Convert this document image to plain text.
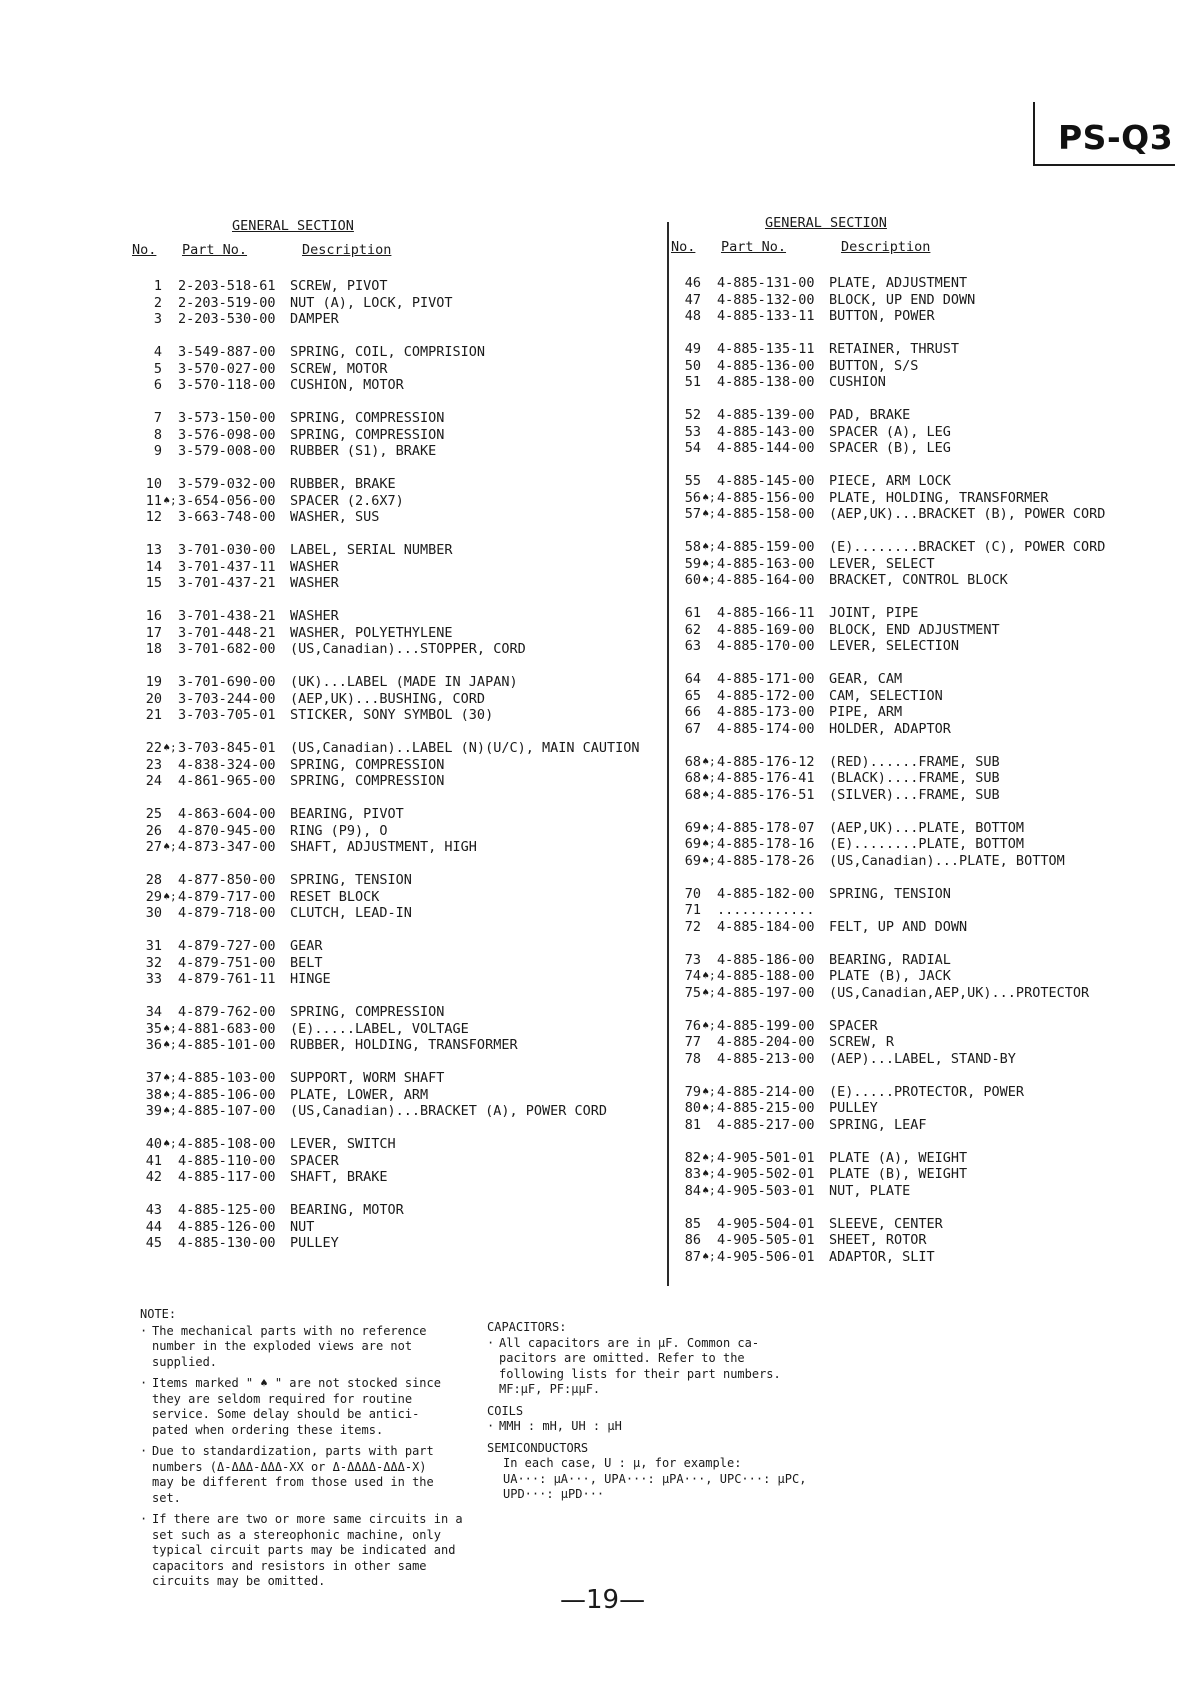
PS-Q3
GENERAL SECTION
No.	Part No.	Description
1 2-203-518-61	SCREW, PIVOT
2 2-203-519-00	NUT (A), LOCK, PIVOT
3 2-203-530-00	DAMPER
4 3-549-887-00	SPRING, COIL, COMPRISION
5 3-570-027-00	SCREW, MOTOR
6 3-570-118-00	CUSHION, MOTOR
7 3-573-150-00	SPRING, COMPRESSION
8 3-576-098-00	SPRING, COMPRESSION
9 3-579-008-00	RUBBER (S1), BRAKE
10 3-579-032-00	RUBBER, BRAKE
11 ♠; 3-654-056-00	SPACER (2.6X7)
12 3-663-748-00	WASHER, SUS
13 3-701-030-00	LABEL, SERIAL NUMBER
14 3-701-437-11	WASHER
15 3-701-437-21	WASHER
16 3-701-438-21	WASHER
17 3-701-448-21	WASHER, POLYETHYLENE
18 3-701-682-00	(US,Canadian)...STOPPER, CORD
19 3-701-690-00	(UK)...LABEL (MADE IN JAPAN)
20 3-703-244-00	(AEP,UK)...BUSHING, CORD
21 3-703-705-01	STICKER, SONY SYMBOL (30)
22 ♠; 3-703-845-01	(US,Canadian)..LABEL (N)(U/C), MAIN CAUTION
23 4-838-324-00	SPRING, COMPRESSION
24 4-861-965-00	SPRING, COMPRESSION
25 4-863-604-00	BEARING, PIVOT
26 4-870-945-00	RING (P9), O
27 ♠; 4-873-347-00	SHAFT, ADJUSTMENT, HIGH
28 4-877-850-00	SPRING, TENSION
29 ♠; 4-879-717-00	RESET BLOCK
30 4-879-718-00	CLUTCH, LEAD-IN
31 4-879-727-00	GEAR
32 4-879-751-00	BELT
33 4-879-761-11	HINGE
34 4-879-762-00	SPRING, COMPRESSION
35 ♠; 4-881-683-00	(E).....LABEL, VOLTAGE
36 ♠; 4-885-101-00	RUBBER, HOLDING, TRANSFORMER
37 ♠; 4-885-103-00	SUPPORT, WORM SHAFT
38 ♠; 4-885-106-00	PLATE, LOWER, ARM
39 ♠; 4-885-107-00	(US,Canadian)...BRACKET (A), POWER CORD
40 ♠; 4-885-108-00	LEVER, SWITCH
41 4-885-110-00	SPACER
42 4-885-117-00	SHAFT, BRAKE
43 4-885-125-00	BEARING, MOTOR
44 4-885-126-00	NUT
45 4-885-130-00	PULLEY
GENERAL SECTION
No.	Part No.	Description
46 4-885-131-00	PLATE, ADJUSTMENT
47 4-885-132-00	BLOCK, UP END DOWN
48 4-885-133-11	BUTTON, POWER
49 4-885-135-11	RETAINER, THRUST
50 4-885-136-00	BUTTON, S/S
51 4-885-138-00	CUSHION
52 4-885-139-00	PAD, BRAKE
53 4-885-143-00	SPACER (A), LEG
54 4-885-144-00	SPACER (B), LEG
55 4-885-145-00	PIECE, ARM LOCK
56 ♠; 4-885-156-00	PLATE, HOLDING, TRANSFORMER
57 ♠; 4-885-158-00	(AEP,UK)...BRACKET (B), POWER CORD
58 ♠; 4-885-159-00	(E)........BRACKET (C), POWER CORD
59 ♠; 4-885-163-00	LEVER, SELECT
60 ♠; 4-885-164-00	BRACKET, CONTROL BLOCK
61 4-885-166-11	JOINT, PIPE
62 4-885-169-00	BLOCK, END ADJUSTMENT
63 4-885-170-00	LEVER, SELECTION
64 4-885-171-00	GEAR, CAM
65 4-885-172-00	CAM, SELECTION
66 4-885-173-00	PIPE, ARM
67 4-885-174-00	HOLDER, ADAPTOR
68 ♠; 4-885-176-12	(RED)......FRAME, SUB
68 ♠; 4-885-176-41	(BLACK)....FRAME, SUB
68 ♠; 4-885-176-51	(SILVER)...FRAME, SUB
69 ♠; 4-885-178-07	(AEP,UK)...PLATE, BOTTOM
69 ♠; 4-885-178-16	(E)........PLATE, BOTTOM
69 ♠; 4-885-178-26	(US,Canadian)...PLATE, BOTTOM
70 4-885-182-00	SPRING, TENSION
71 ............
72 4-885-184-00	FELT, UP AND DOWN
73 4-885-186-00	BEARING, RADIAL
74 ♠; 4-885-188-00	PLATE (B), JACK
75 ♠; 4-885-197-00	(US,Canadian,AEP,UK)...PROTECTOR
76 ♠; 4-885-199-00	SPACER
77 4-885-204-00	SCREW, R
78 4-885-213-00	(AEP)...LABEL, STAND-BY
79 ♠; 4-885-214-00	(E).....PROTECTOR, POWER
80 ♠; 4-885-215-00	PULLEY
81 4-885-217-00	SPRING, LEAF
82 ♠; 4-905-501-01	PLATE (A), WEIGHT
83 ♠; 4-905-502-01	PLATE (B), WEIGHT
84 ♠; 4-905-503-01	NUT, PLATE
85 4-905-504-01	SLEEVE, CENTER
86 4-905-505-01	SHEET, ROTOR
87 ♠; 4-905-506-01	ADAPTOR, SLIT
NOTE:
· The mechanical parts with no reference
number in the exploded views are not
supplied.
· Items marked " ♠ " are not stocked since
they are seldom required for routine
service. Some delay should be antici-
pated when ordering these items.
· Due to standardization, parts with part
numbers (Δ-ΔΔΔ-ΔΔΔ-XX or Δ-ΔΔΔΔ-ΔΔΔ-X)
may be different from those used in the
set.
· If there are two or more same circuits in a
set such as a stereophonic machine, only
typical circuit parts may be indicated and
capacitors and resistors in other same
circuits may be omitted.
CAPACITORS:
· All capacitors are in μF. Common ca-
pacitors are omitted. Refer to the
following lists for their part numbers.
MF:μF, PF:μμF.
COILS
· MMH : mH, UH : μH
SEMICONDUCTORS
In each case, U : μ, for example:
UA···: μA···, UPA···: μPA···, UPC···: μPC,
UPD···: μPD···
—19—
